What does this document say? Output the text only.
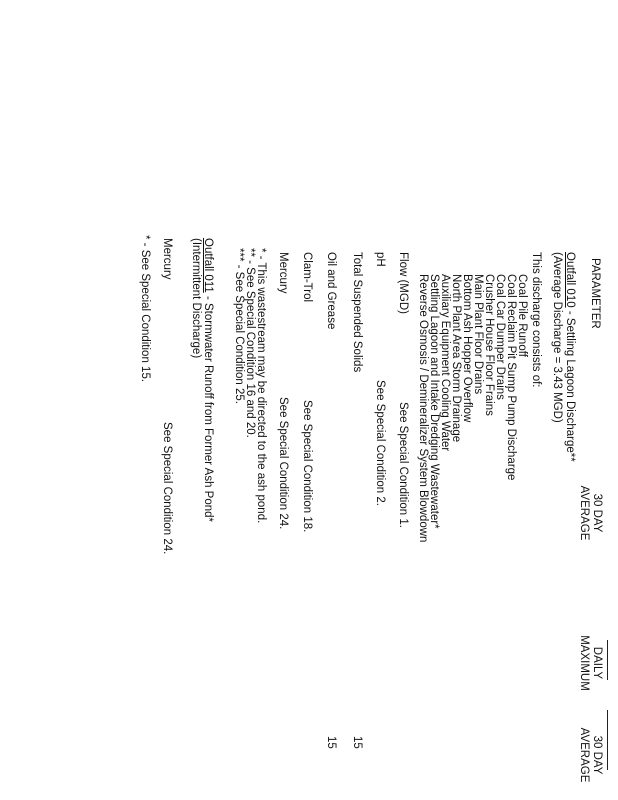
PARAMETER
30 DAY
AVERAGE
DAILY
MAXIMUM
30 DAY
AVERAGE
Outfall 010 - Settling Lagoon Discharge**
(Average Discharge = 3.43 MGD)
This discharge consists of:
Coal Pile Runoff
Coal Reclaim Pit Sump Pump Discharge
Coal Car Dumper Drains
Crusher House Floor Frains
Main Plant Floor Drains
Bottom Ash Hopper Overflow
North Plant Area Storm Drainage
Auxiliary Equipment Cooling Water
Settling Lagoon and Intake Dredging Wastewater*
Reverse Osmosis / Demineralizer System Blowdown
Flow (MGD)
See Special Condition 1.
pH
See Special Condition 2.
Total Suspended Solids
15
Oil and Grease
15
Clam-Trol
See Special Condition 18.
Mercury
See Special Condition 24.
* - This wastestream may be directed to the ash pond.
** - See Special Condition 16 and 20.
*** - See Special Condition 25.
Outfall 011 - Stormwater Runoff from Former Ash Pond*
(Intermittent Discharge)
Mercury
See Special Condition 24.
* - See Special Condition 15.
